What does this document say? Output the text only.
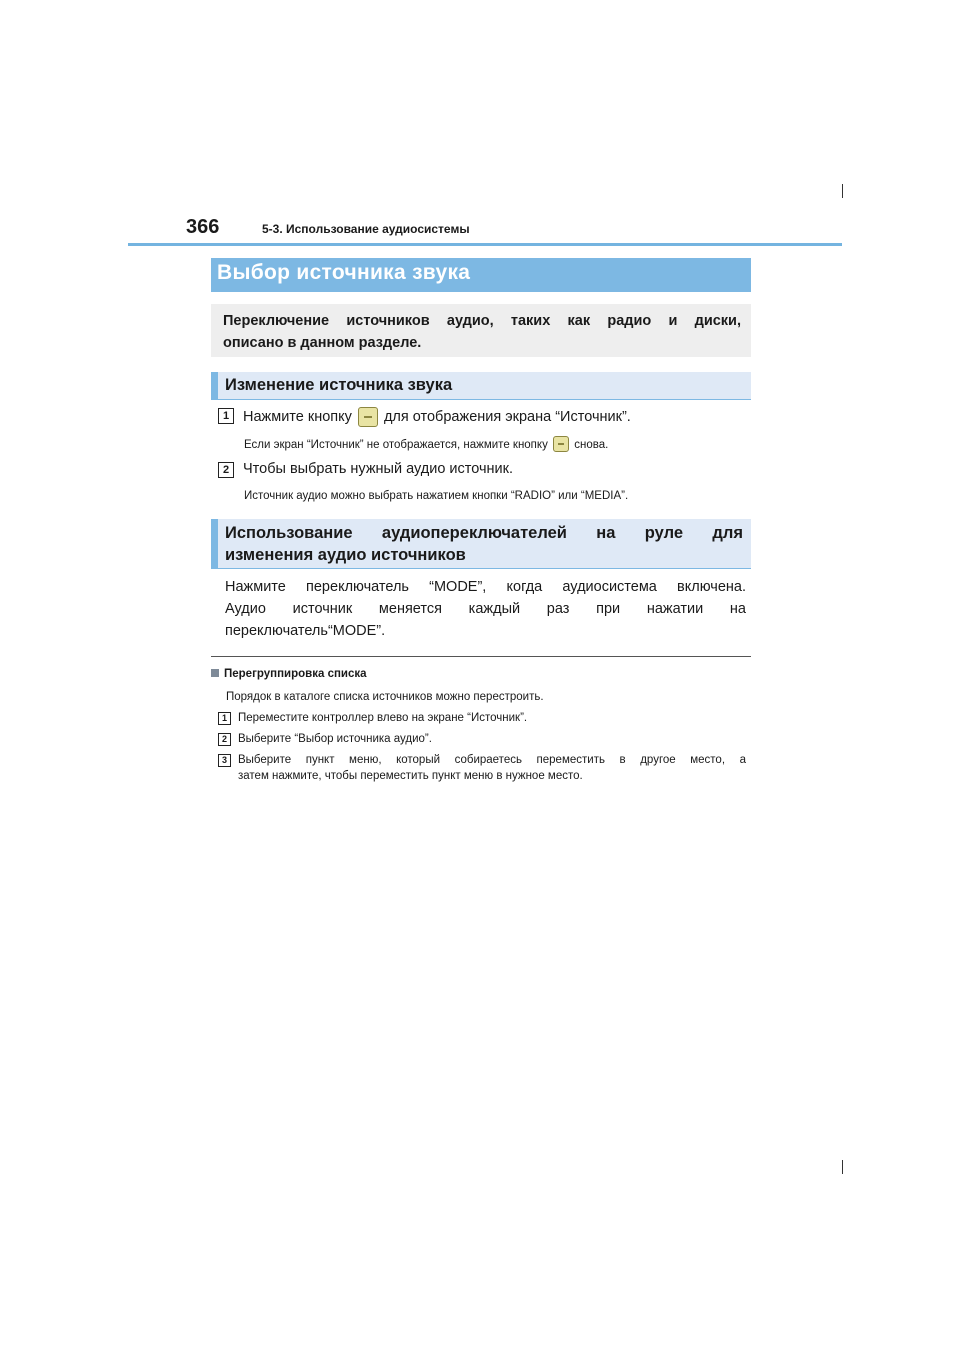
366	5-3. Использование аудиосистемы
Выбор источника звука
Переключение источников аудио, таких как радио и диски,
описано в данном разделе.
Изменение источника звука
1 Нажмите кнопку для отображения экрана “Источник”.
Если экран “Источник” не отображается, нажмите кнопку снова.
2 Чтобы выбрать нужный аудио источник.
Источник аудио можно выбрать нажатием кнопки “RADIO” или “MEDIA”.
Использование аудиопереключателей на руле для
изменения аудио источников
Нажмите переключатель “MODE”, когда аудиосистема включена.
Аудио источник меняется каждый раз при нажатии на
переключатель“MODE”.
Перегруппировка списка
Порядок в каталоге списка источников можно перестроить.
1 Переместите контроллер влево на экране “Источник”.
2 Выберите “Выбор источника аудио”.
3 Выберите пункт меню, который собираетесь переместить в другое место, а
затем нажмите, чтобы переместить пункт меню в нужное место.
